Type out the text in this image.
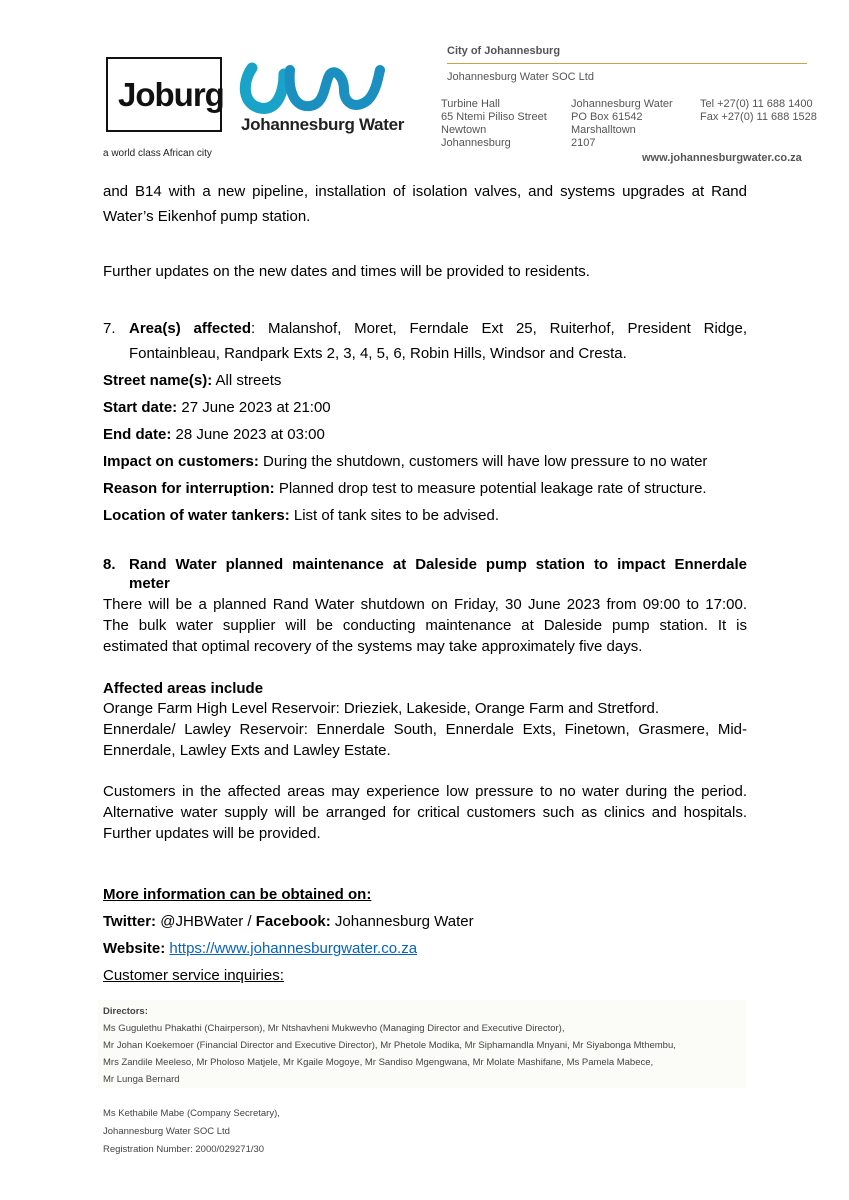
Joburg
a world class African city
Johannesburg Water
City of Johannesburg
Johannesburg Water SOC Ltd
Turbine Hall
65 Ntemi Piliso Street
Newtown
Johannesburg
Johannesburg Water
PO Box 61542
Marshalltown
2107
Tel +27(0) 11 688 1400
Fax +27(0) 11 688 1528
www.johannesburgwater.co.za
and B14 with a new pipeline, installation of isolation valves, and systems upgrades at Rand
Water’s Eikenhof pump station.
Further updates on the new dates and times will be provided to residents.
7. Area(s) affected: Malanshof, Moret, Ferndale Ext 25, Ruiterhof, President Ridge,
Fontainbleau, Randpark Exts 2, 3, 4, 5, 6, Robin Hills, Windsor and Cresta.
Street name(s): All streets
Start date: 27 June 2023 at 21:00
End date: 28 June 2023 at 03:00
Impact on customers: During the shutdown, customers will have low pressure to no water
Reason for interruption: Planned drop test to measure potential leakage rate of structure.
Location of water tankers: List of tank sites to be advised.
8. Rand Water planned maintenance at Daleside pump station to impact Ennerdale
meter
There will be a planned Rand Water shutdown on Friday, 30 June 2023 from 09:00 to 17:00.
The bulk water supplier will be conducting maintenance at Daleside pump station. It is
estimated that optimal recovery of the systems may take approximately five days.
Affected areas include
Orange Farm High Level Reservoir: Drieziek, Lakeside, Orange Farm and Stretford.
Ennerdale/ Lawley Reservoir: Ennerdale South, Ennerdale Exts, Finetown, Grasmere, Mid-
Ennerdale, Lawley Exts and Lawley Estate.
Customers in the affected areas may experience low pressure to no water during the period.
Alternative water supply will be arranged for critical customers such as clinics and hospitals.
Further updates will be provided.
More information can be obtained on:
Twitter: @JHBWater / Facebook: Johannesburg Water
Website: https://www.johannesburgwater.co.za
Customer service inquiries:
Directors:
Ms Gugulethu Phakathi (Chairperson), Mr Ntshavheni Mukwevho (Managing Director and Executive Director),
Mr Johan Koekemoer (Financial Director and Executive Director), Mr Phetole Modika, Mr Siphamandla Mnyani, Mr Siyabonga Mthembu,
Mrs Zandile Meeleso, Mr Pholoso Matjele, Mr Kgaile Mogoye, Mr Sandiso Mgengwana, Mr Molate Mashifane, Ms Pamela Mabece,
Mr Lunga Bernard
Ms Kethabile Mabe (Company Secretary),
Johannesburg Water SOC Ltd
Registration Number: 2000/029271/30
